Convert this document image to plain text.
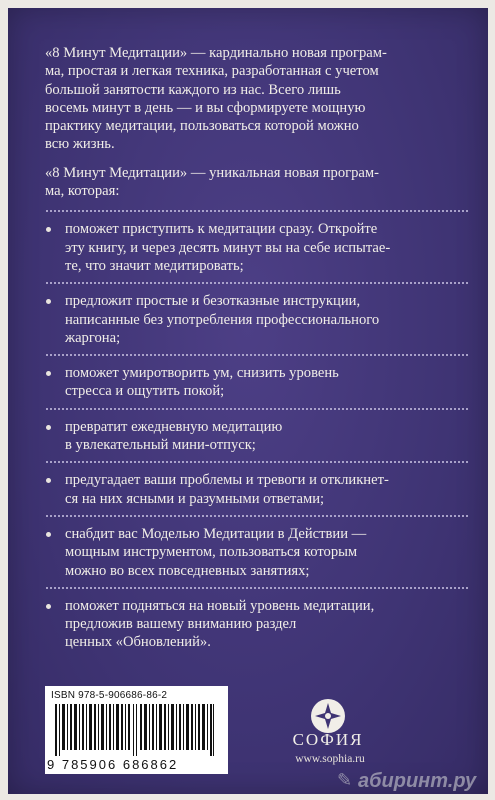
«8 Минут Медитации» — кардинально новая програм-
ма, простая и легкая техника, разработанная с учетом
большой занятости каждого из нас. Всего лишь
восемь минут в день — и вы сформируете мощную
практику медитации, пользоваться которой можно
всю жизнь.
«8 Минут Медитации» — уникальная новая програм-
ма, которая:
поможет приступить к медитации сразу. Откройте
эту книгу, и через десять минут вы на себе испытае-
те, что значит медитировать;
предложит простые и безотказные инструкции,
написанные без употребления профессионального
жаргона;
поможет умиротворить ум, снизить уровень
стресса и ощутить покой;
превратит ежедневную медитацию
в увлекательный мини-отпуск;
предугадает ваши проблемы и тревоги и откликнет-
ся на них ясными и разумными ответами;
снабдит вас Моделью Медитации в Действии —
мощным инструментом, пользоваться которым
можно во всех повседневных занятиях;
поможет подняться на новый уровень медитации,
предложив вашему вниманию раздел
ценных «Обновлений».
ISBN 978-5-906686-86-2
9 785906 686862
СОФИЯ
www.sophia.ru
✎ абиринт.ру
